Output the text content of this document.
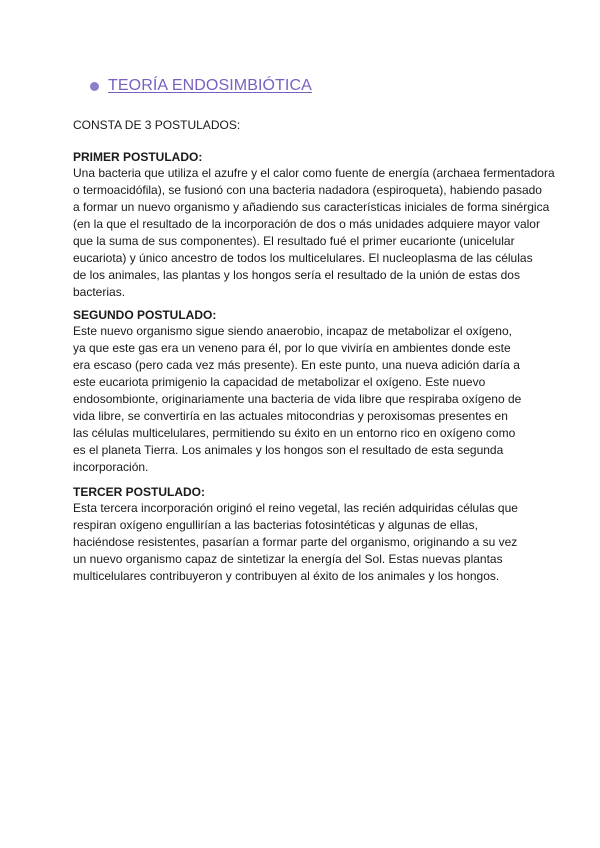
TEORÍA ENDOSIMBIÓTICA
CONSTA DE 3 POSTULADOS:
PRIMER POSTULADO:
Una bacteria que utiliza el azufre y el calor como fuente de energía (archaea fermentadora
o termoacidófila), se fusionó con una bacteria nadadora (espiroqueta), habiendo pasado
a formar un nuevo organismo y añadiendo sus características iniciales de forma sinérgica
(en la que el resultado de la incorporación de dos o más unidades adquiere mayor valor
que la suma de sus componentes). El resultado fué el primer eucarionte (unicelular
eucariota) y único ancestro de todos los multicelulares. El nucleoplasma de las células
de los animales, las plantas y los hongos sería el resultado de la unión de estas dos
bacterias.
SEGUNDO POSTULADO:
Este nuevo organismo sigue siendo anaerobio, incapaz de metabolizar el oxígeno,
ya que este gas era un veneno para él, por lo que viviría en ambientes donde este
era escaso (pero cada vez más presente). En este punto, una nueva adición daría a
este eucariota primigenio la capacidad de metabolizar el oxígeno. Este nuevo
endosombionte, originariamente una bacteria de vida libre que respiraba oxígeno de
vida libre, se convertiría en las actuales mitocondrias y peroxisomas presentes en
las células multicelulares, permitiendo su éxito en un entorno rico en oxígeno como
es el planeta Tierra. Los animales y los hongos son el resultado de esta segunda
incorporación.
TERCER POSTULADO:
Esta tercera incorporación originó el reino vegetal, las recién adquiridas células que
respiran oxígeno engullirían a las bacterias fotosintéticas y algunas de ellas,
haciéndose resistentes, pasarían a formar parte del organismo, originando a su vez
un nuevo organismo capaz de sintetizar la energía del Sol. Estas nuevas plantas
multicelulares contribuyeron y contribuyen al éxito de los animales y los hongos.
